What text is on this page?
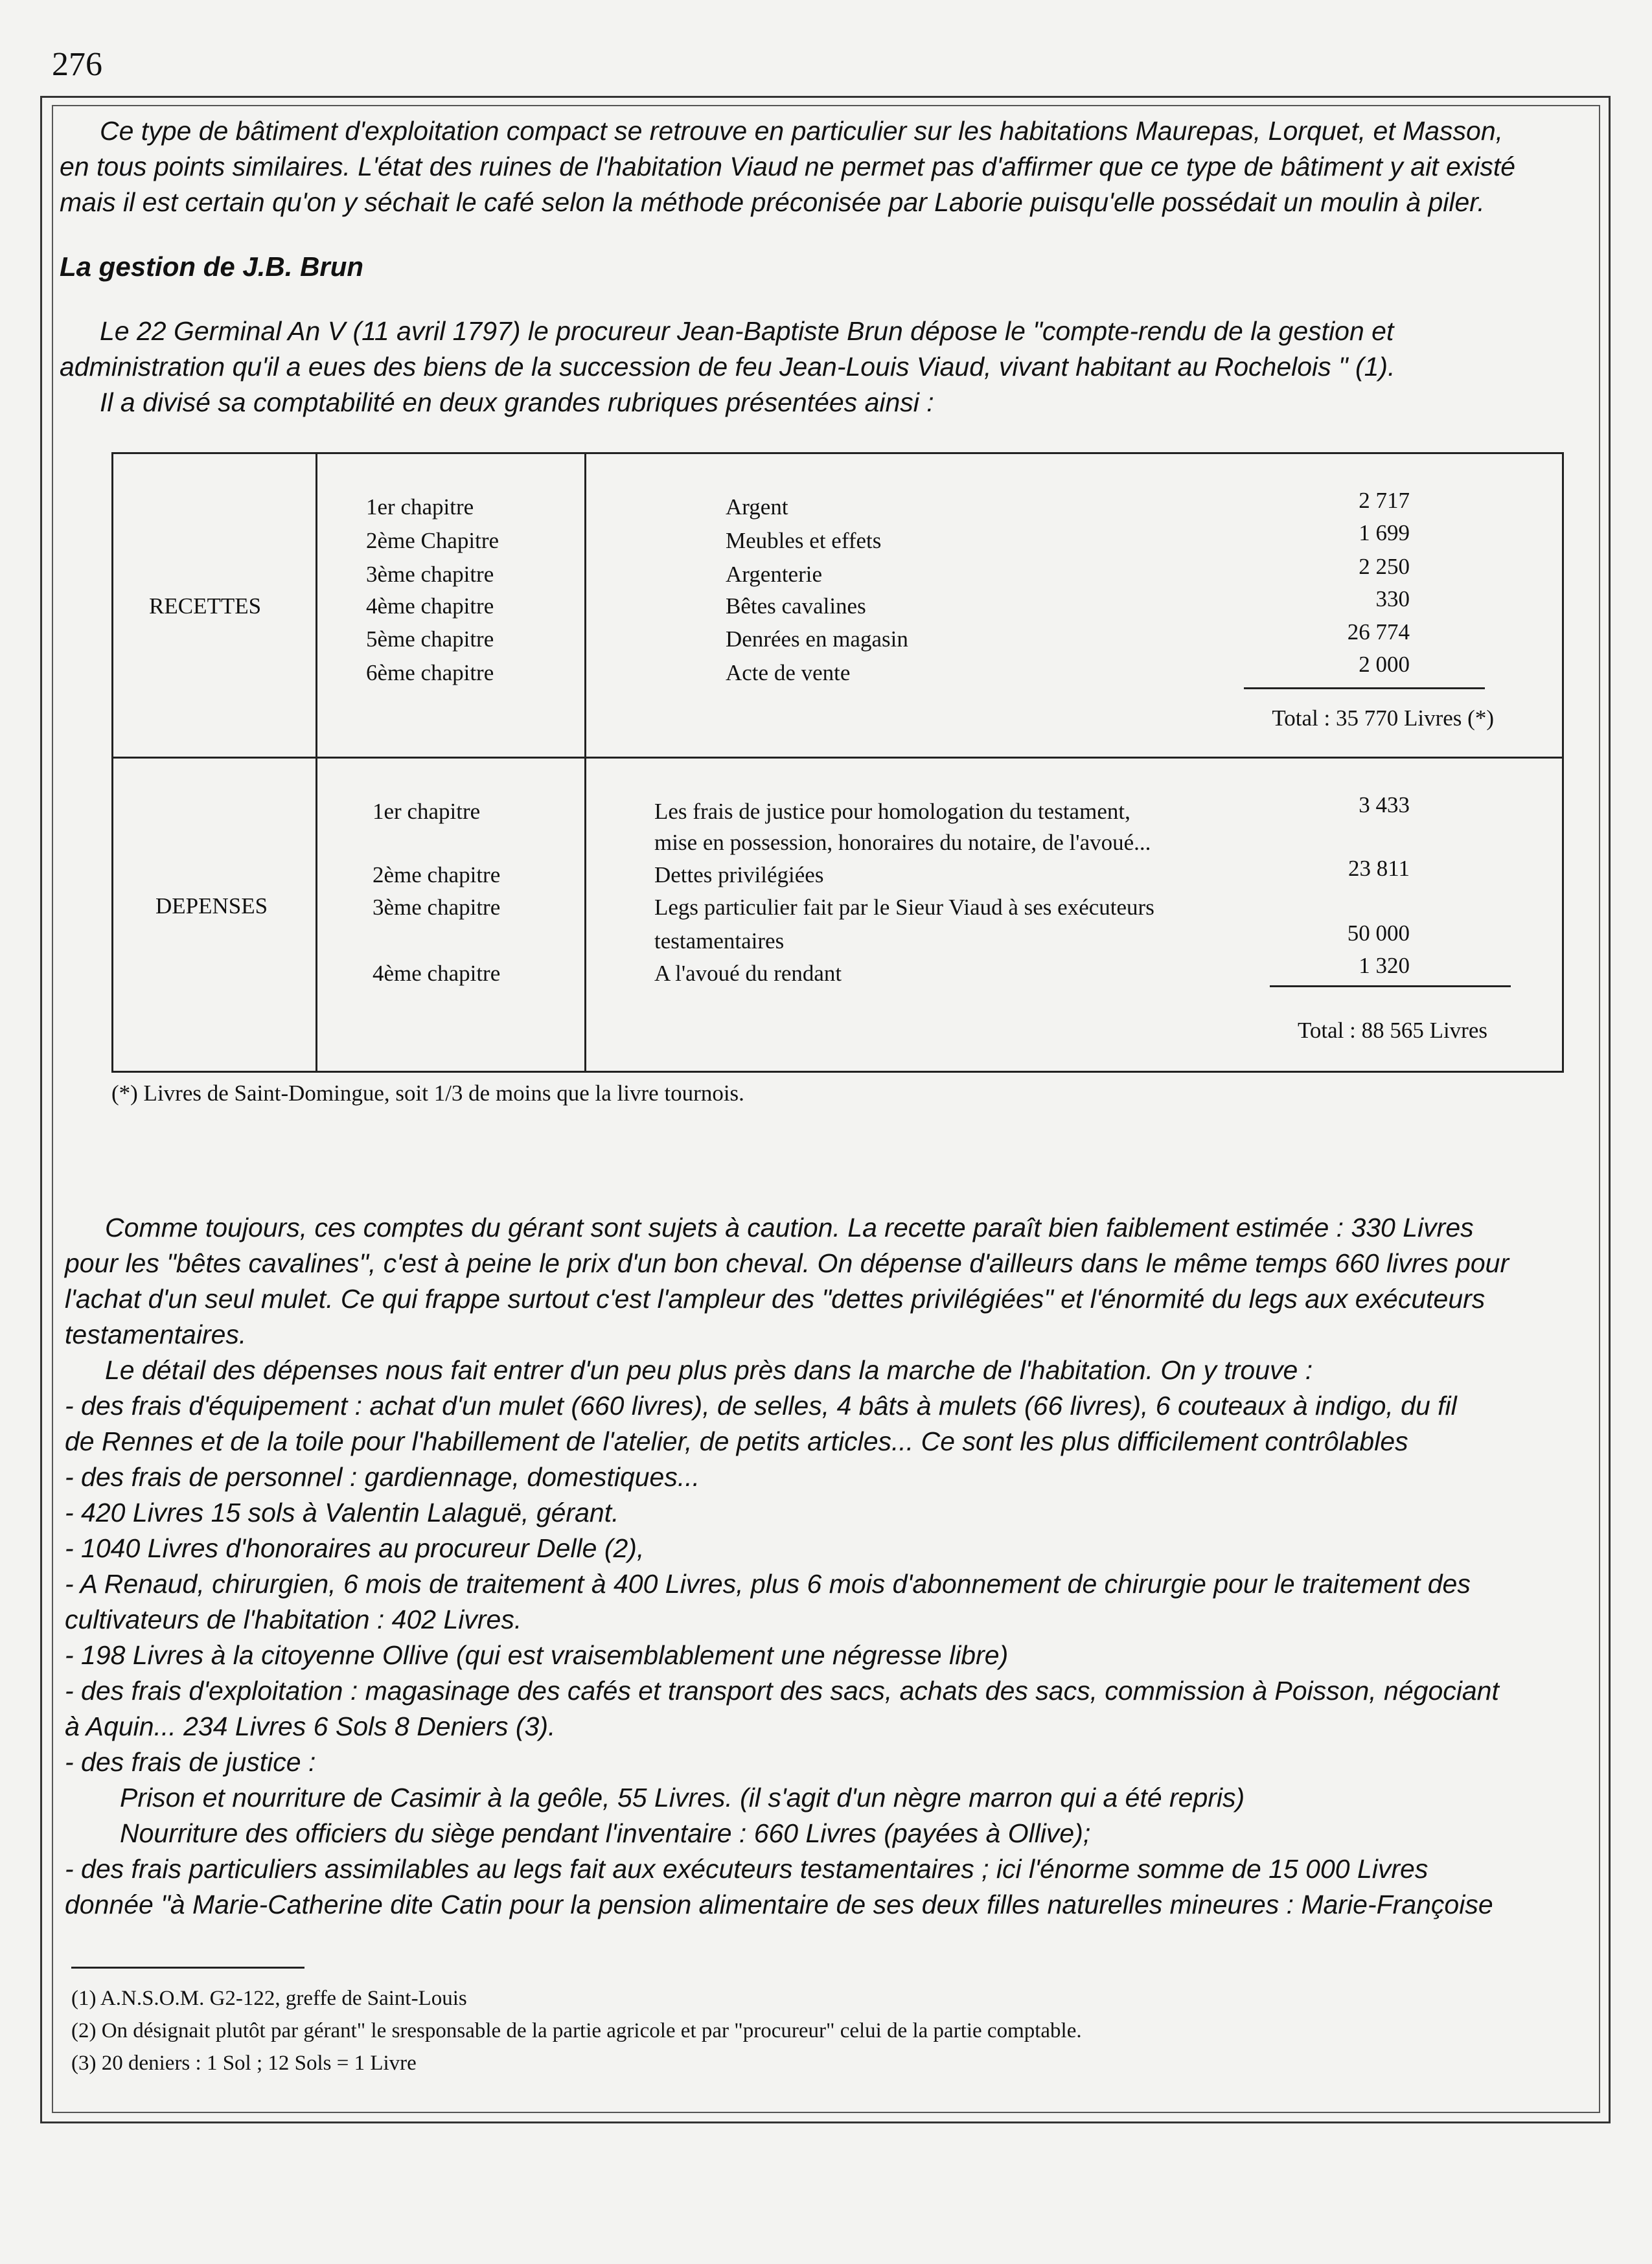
276

Ce type de bâtiment d'exploitation compact se retrouve en particulier sur les habitations Maurepas, Lorquet, et Masson,

en tous points similaires. L'état des ruines de l'habitation Viaud ne permet pas d'affirmer que ce type de bâtiment y ait existé

mais il est certain qu'on y séchait le café selon la méthode préconisée par Laborie puisqu'elle possédait un moulin à piler.

La gestion de J.B. Brun

Le 22 Germinal An V (11 avril 1797) le procureur Jean-Baptiste Brun dépose le "compte-rendu de la gestion et

administration qu'il a eues des biens de la succession de feu Jean-Louis Viaud, vivant habitant au Rochelois " (1).

Il a divisé sa comptabilité en deux grandes rubriques présentées ainsi :

RECETTES
1er chapitre
2ème Chapitre
3ème chapitre
4ème chapitre
5ème chapitre
6ème chapitre
Argent
Meubles et effets
Argenterie
Bêtes cavalines
Denrées en magasin
Acte de vente
2 717
1 699
2 250
330
26 774
2 000
Total : 35 770 Livres (*)
DEPENSES
1er chapitre
2ème chapitre
3ème chapitre
4ème chapitre
Les frais de justice pour homologation du testament,
mise en possession, honoraires du notaire, de l'avoué...
Dettes privilégiées
Legs particulier fait par le Sieur Viaud à ses exécuteurs
testamentaires
A l'avoué du rendant
3 433
23 811
50 000
1 320
Total : 88 565 Livres
(*) Livres de Saint-Domingue, soit 1/3 de moins que la livre tournois.

Comme toujours, ces comptes du gérant sont sujets à caution. La recette paraît bien faiblement estimée : 330 Livres

pour les "bêtes cavalines", c'est à peine le prix d'un bon cheval. On dépense d'ailleurs dans le même temps 660 livres pour

l'achat d'un seul mulet. Ce qui frappe surtout c'est l'ampleur des "dettes privilégiées" et l'énormité du legs aux exécuteurs

testamentaires.

Le détail des dépenses nous fait entrer d'un peu plus près dans la marche de l'habitation. On y trouve :

- des frais d'équipement : achat d'un mulet (660 livres), de selles, 4 bâts à mulets (66 livres), 6 couteaux à indigo, du fil

de Rennes et de la toile pour l'habillement de l'atelier, de petits articles... Ce sont les plus difficilement contrôlables

- des frais de personnel : gardiennage, domestiques...

- 420 Livres 15 sols à Valentin Lalaguë, gérant.

- 1040 Livres d'honoraires au procureur Delle (2),

- A Renaud, chirurgien, 6 mois de traitement à 400 Livres, plus 6 mois d'abonnement de chirurgie pour le traitement des

cultivateurs de l'habitation : 402 Livres.

- 198 Livres à la citoyenne Ollive (qui est vraisemblablement une négresse libre)

- des frais d'exploitation : magasinage des cafés et transport des sacs, achats des sacs, commission à Poisson, négociant

à Aquin... 234 Livres 6 Sols 8 Deniers (3).

- des frais de justice :

Prison et nourriture de Casimir à la geôle, 55 Livres. (il s'agit d'un nègre marron qui a été repris)

Nourriture des officiers du siège pendant l'inventaire : 660 Livres (payées à Ollive);

- des frais particuliers assimilables au legs fait aux exécuteurs testamentaires ; ici l'énorme somme de 15 000 Livres

donnée "à Marie-Catherine dite Catin pour la pension alimentaire de ses deux filles naturelles mineures : Marie-Françoise

(1) A.N.S.O.M. G2-122, greffe de Saint-Louis
(2) On désignait plutôt par gérant" le sresponsable de la partie agricole et par "procureur" celui de la partie comptable.
(3) 20 deniers : 1 Sol ; 12 Sols = 1 Livre
